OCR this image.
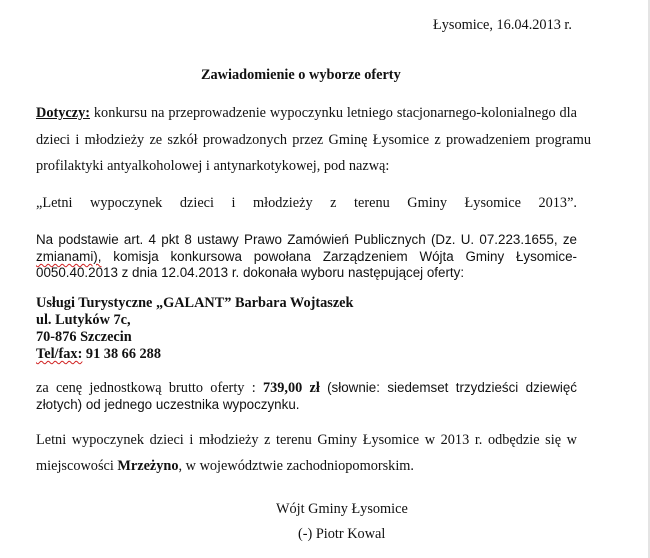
Łysomice, 16.04.2013 r.
Zawiadomienie o wyborze oferty
Dotyczy: konkursu na przeprowadzenie wypoczynku letniego stacjonarnego-kolonialnego dla
dzieci i młodzieży ze szkół prowadzonych przez Gminę Łysomice z prowadzeniem programu
profilaktyki antyalkoholowej i antynarkotykowej, pod nazwą:
„Letni wypoczynek dzieci i młodzieży z terenu Gminy Łysomice 2013”.
Na podstawie art. 4 pkt 8 ustawy Prawo Zamówień Publicznych (Dz. U. 07.223.1655, ze
zmianami), komisja konkursowa powołana Zarządzeniem Wójta Gminy Łysomice-
0050.40.2013 z dnia 12.04.2013 r. dokonała wyboru następującej oferty:
Usługi Turystyczne „GALANT” Barbara Wojtaszek
ul. Lutyków 7c,
70-876 Szczecin
Tel/fax: 91 38 66 288
za cenę jednostkową brutto oferty : 739,00 zł (słownie: siedemset trzydzieści dziewięć
złotych) od jednego uczestnika wypoczynku.
Letni wypoczynek dzieci i młodzieży z terenu Gminy Łysomice w 2013 r. odbędzie się w
miejscowości Mrzeżyno, w województwie zachodniopomorskim.
Wójt Gminy Łysomice
(-) Piotr Kowal
